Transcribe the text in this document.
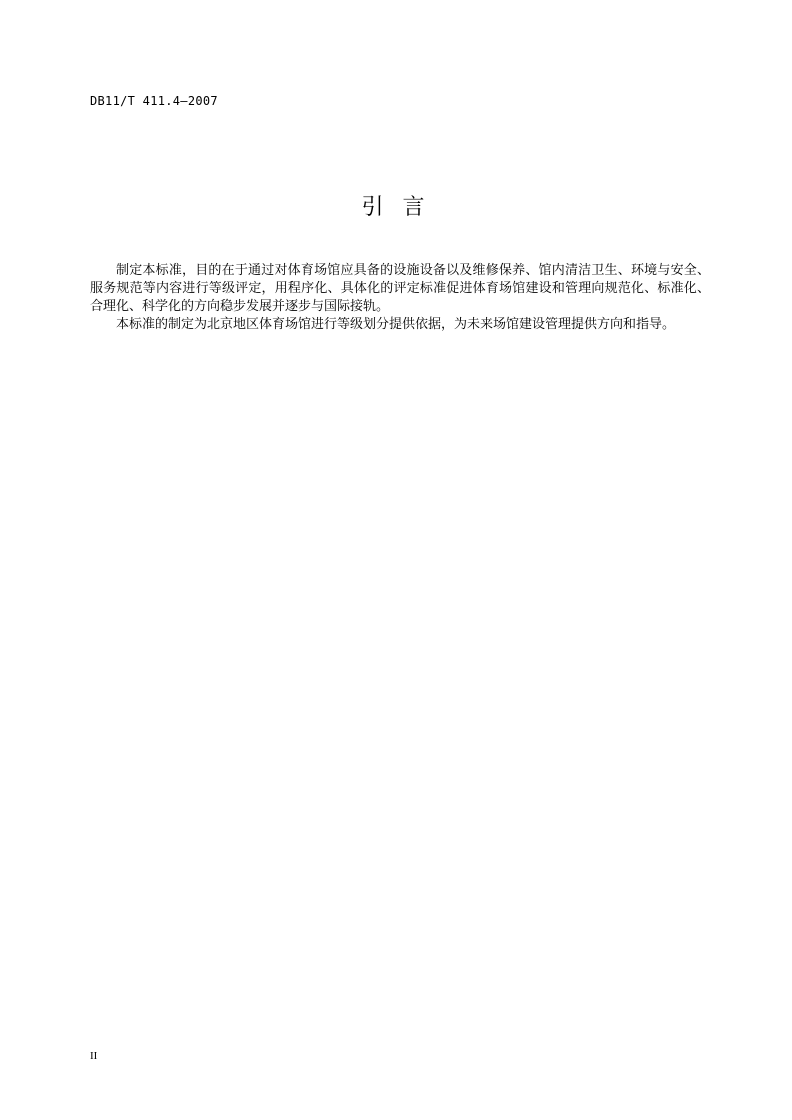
DB11/T 411.4—2007
引 言

制定本标准，目的在于通过对体育场馆应具备的设施设备以及维修保养、馆内清洁卫生、环境与安全、服务规范等内容进行等级评定，用程序化、具体化的评定标准促进体育场馆建设和管理向规范化、标准化、合理化、科学化的方向稳步发展并逐步与国际接轨。

本标准的制定为北京地区体育场馆进行等级划分提供依据，为未来场馆建设管理提供方向和指导。

II
